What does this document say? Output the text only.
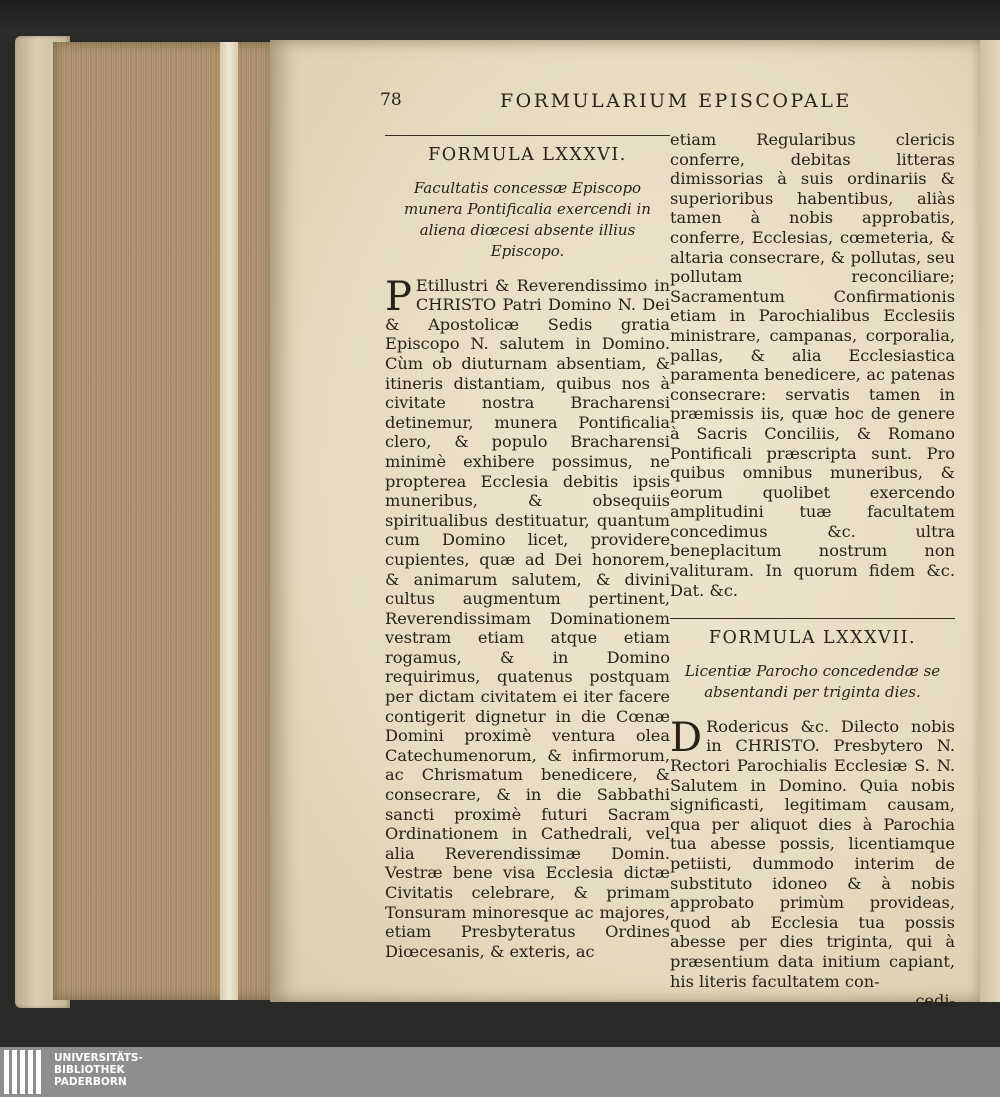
78	FORMULARIUM EPISCOPALE
FORMULA LXXXVI.
Facultatis concessæ Episcopo munera Pontificalia exercendi in aliena diœcesi absente illius Episcopo.
P Etillustri & Reverendissimo in CHRISTO Patri Domino N. Dei & Apostolicæ Sedis gratia Episcopo N. salutem in Domino. Cùm ob diuturnam absentiam, & itineris distantiam, quibus nos à civitate nostra Bracharensi detinemur, munera Pontificalia clero, & populo Bracharensi minimè exhibere possimus, ne propterea Ecclesia debitis ipsis muneribus, & obsequiis spiritualibus destituatur, quantum cum Domino licet, providere cupientes, quæ ad Dei honorem, & animarum salutem, & divini cultus augmentum pertinent, Reverendissimam Dominationem vestram etiam atque etiam rogamus, & in Domino requirimus, quatenus postquam per dictam civitatem ei iter facere contigerit dignetur in die Cœnæ Domini proximè ventura olea Catechumenorum, & infirmorum, ac Chrismatum benedicere, & consecrare, & in die Sabbathi sancti proximè futuri Sacram Ordinationem in Cathedrali, vel alia Reverendissimæ Domin. Vestræ bene visa Ecclesia dictæ Civitatis celebrare, & primam Tonsuram minoresque ac majores, etiam Presbyteratus Ordines Diœcesanis, & exteris, ac
etiam Regularibus clericis conferre, debitas litteras dimissorias à suis ordinariis & superioribus habentibus, aliàs tamen à nobis approbatis, conferre, Ecclesias, cœmeteria, & altaria consecrare, & pollutas, seu pollutam reconciliare; Sacramentum Confirmationis etiam in Parochialibus Ecclesiis ministrare, campanas, corporalia, pallas, & alia Ecclesiastica paramenta benedicere, ac patenas consecrare: servatis tamen in præmissis iis, quæ hoc de genere à Sacris Conciliis, & Romano Pontificali præscripta sunt. Pro quibus omnibus muneribus, & eorum quolibet exercendo amplitudini tuæ facultatem concedimus &c. ultra beneplacitum nostrum non valituram. In quorum fidem &c. Dat. &c.
FORMULA LXXXVII.
Licentiæ Parocho concedendæ se absentandi per triginta dies.
D Rodericus &c. Dilecto nobis in CHRISTO. Presbytero N. Rectori Parochialis Ecclesiæ S. N. Salutem in Domino. Quia nobis significasti, legitimam causam, qua per aliquot dies à Parochia tua abesse possis, licentiamque petiisti, dummodo interim de substituto idoneo & à nobis approbato primùm provideas, quod ab Ecclesia tua possis abesse per dies triginta, qui à præsentium data initium capiant, his literis facultatem con-
cedi-
UNIVERSITÄTS-
BIBLIOTHEK
PADERBORN
